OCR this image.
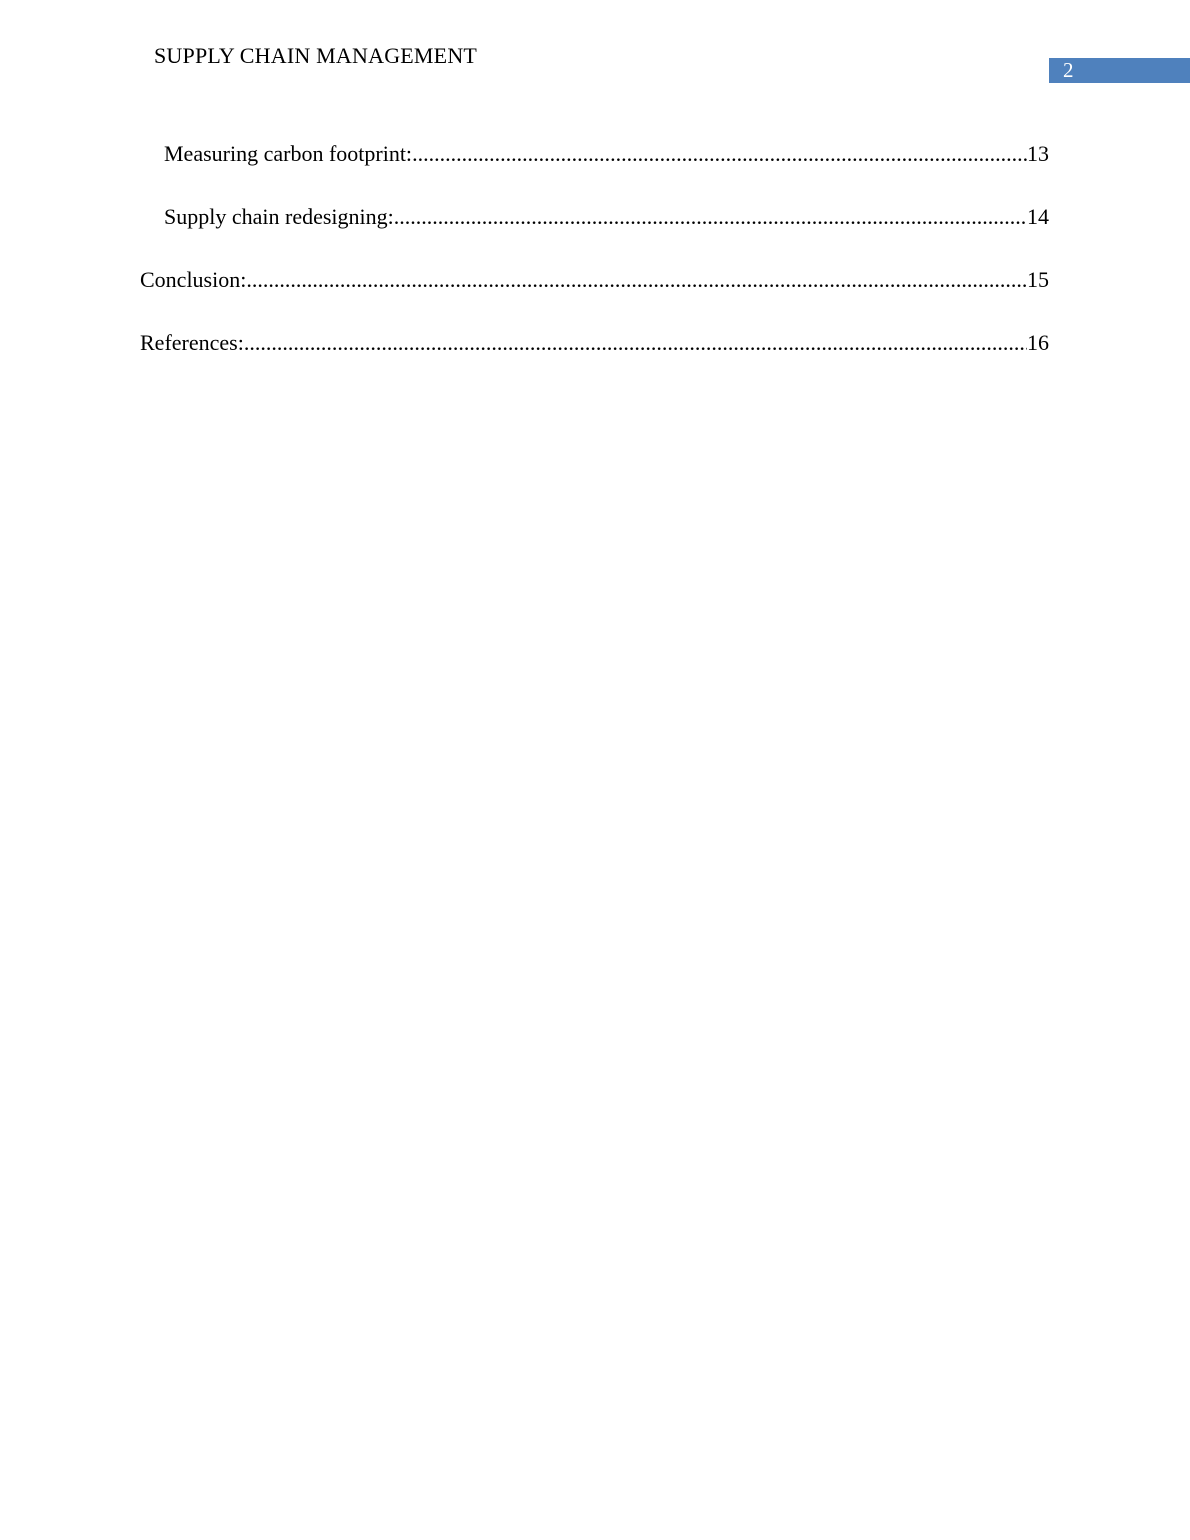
SUPPLY CHAIN MANAGEMENT
2
Measuring carbon footprint: .....	13
Supply chain redesigning: .....	14
Conclusion: .....	15
References: .....	16
